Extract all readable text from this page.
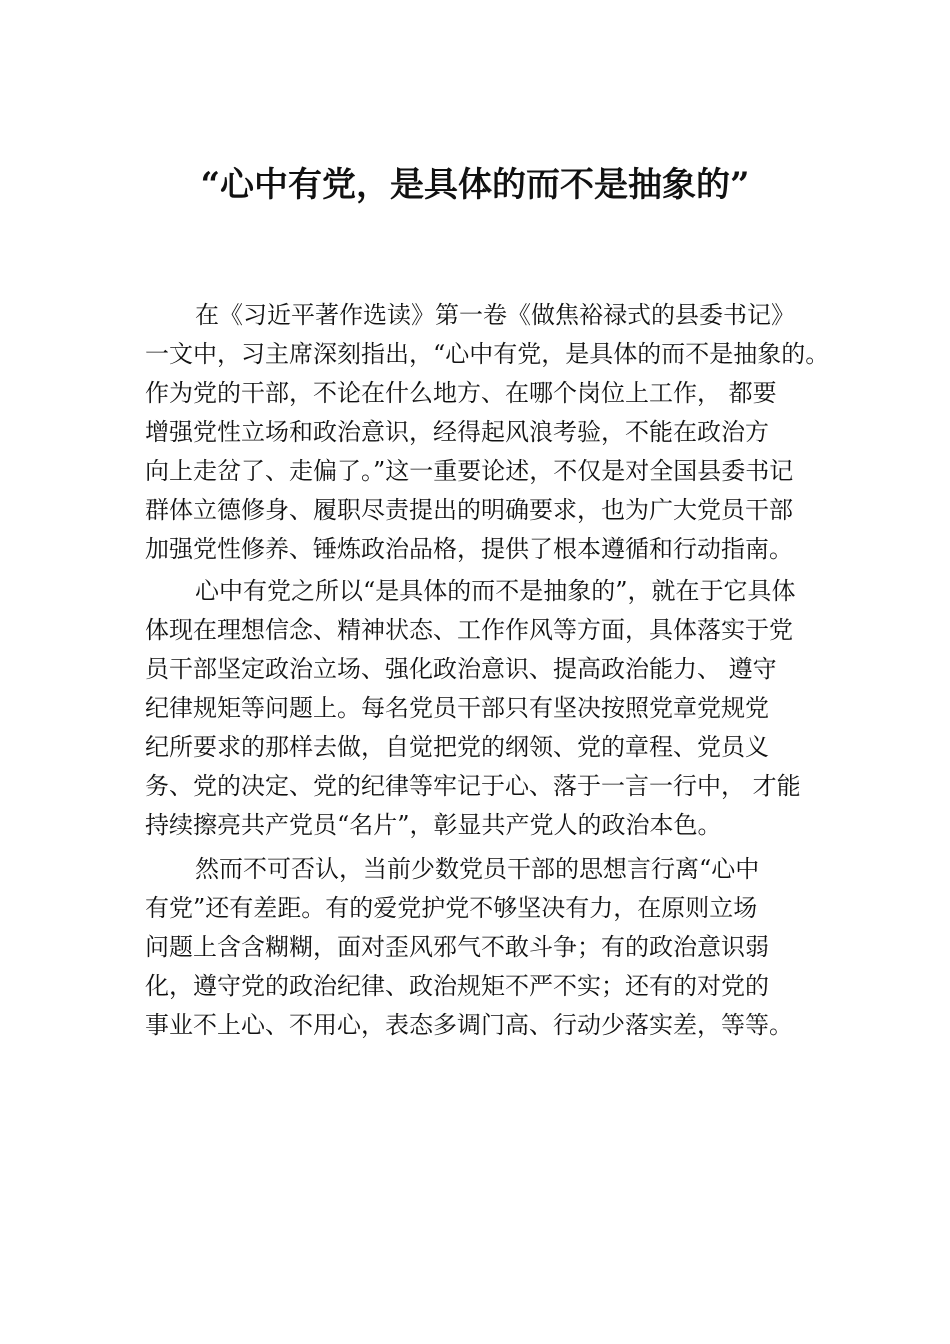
“心中有党，是具体的而不是抽象的”
在《习近平著作选读》第一卷《做焦裕禄式的县委书记》
一文中，习主席深刻指出，“心中有党，是具体的而不是抽象的。
作为党的干部，不论在什么地方、在哪个岗位上工作， 都要
增强党性立场和政治意识，经得起风浪考验，不能在政治方
向上走岔了、走偏了。”这一重要论述，不仅是对全国县委书记
群体立德修身、履职尽责提出的明确要求，也为广大党员干部
加强党性修养、锤炼政治品格，提供了根本遵循和行动指南。
心中有党之所以“是具体的而不是抽象的”，就在于它具体
体现在理想信念、精神状态、工作作风等方面，具体落实于党
员干部坚定政治立场、强化政治意识、提高政治能力、 遵守
纪律规矩等问题上。每名党员干部只有坚决按照党章党规党
纪所要求的那样去做，自觉把党的纲领、党的章程、党员义
务、党的决定、党的纪律等牢记于心、落于一言一行中， 才能
持续擦亮共产党员“名片”，彰显共产党人的政治本色。
然而不可否认，当前少数党员干部的思想言行离“心中
有党”还有差距。有的爱党护党不够坚决有力，在原则立场
问题上含含糊糊，面对歪风邪气不敢斗争；有的政治意识弱
化，遵守党的政治纪律、政治规矩不严不实；还有的对党的
事业不上心、不用心，表态多调门高、行动少落实差，等等。
